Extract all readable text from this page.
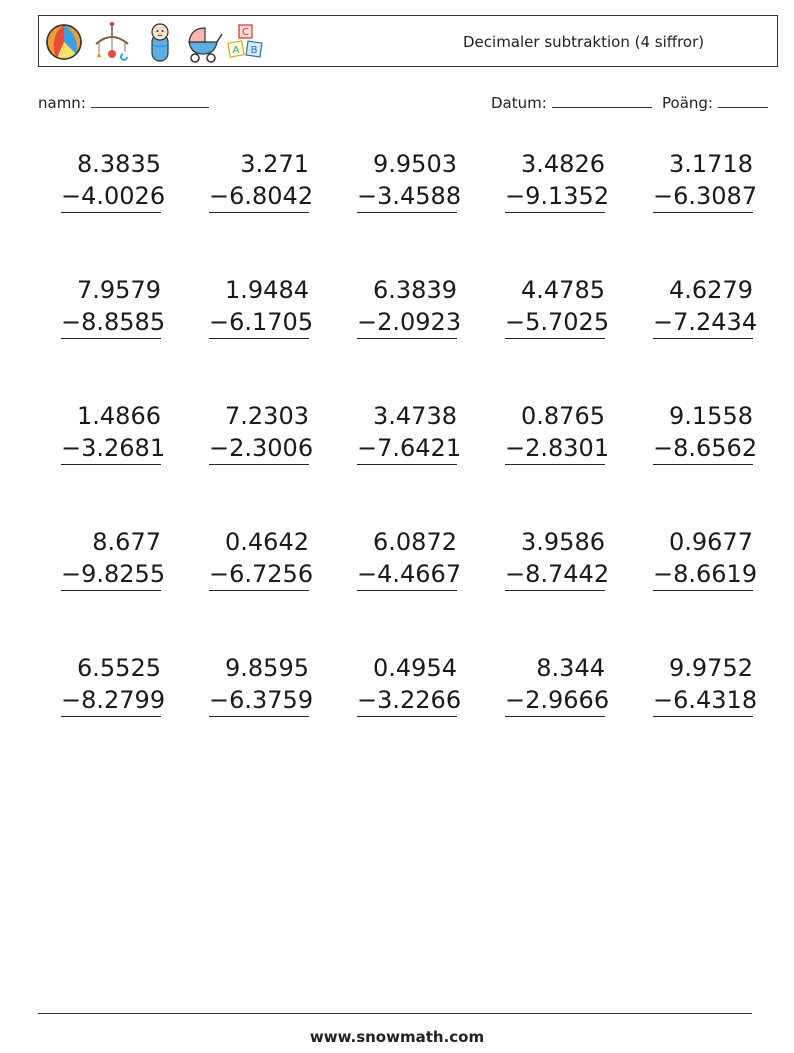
C
A B	Decimaler subtraktion (4 siffror)
namn:	Datum:	Poäng:
8.3835
−4.0026
3.271
−6.8042
9.9503
−3.4588
3.4826
−9.1352
3.1718
−6.3087
7.9579
−8.8585
1.9484
−6.1705
6.3839
−2.0923
4.4785
−5.7025
4.6279
−7.2434
1.4866
−3.2681
7.2303
−2.3006
3.4738
−7.6421
0.8765
−2.8301
9.1558
−8.6562
8.677
−9.8255
0.4642
−6.7256
6.0872
−4.4667
3.9586
−8.7442
0.9677
−8.6619
6.5525
−8.2799
9.8595
−6.3759
0.4954
−3.2266
8.344
−2.9666
9.9752
−6.4318
www.snowmath.com
